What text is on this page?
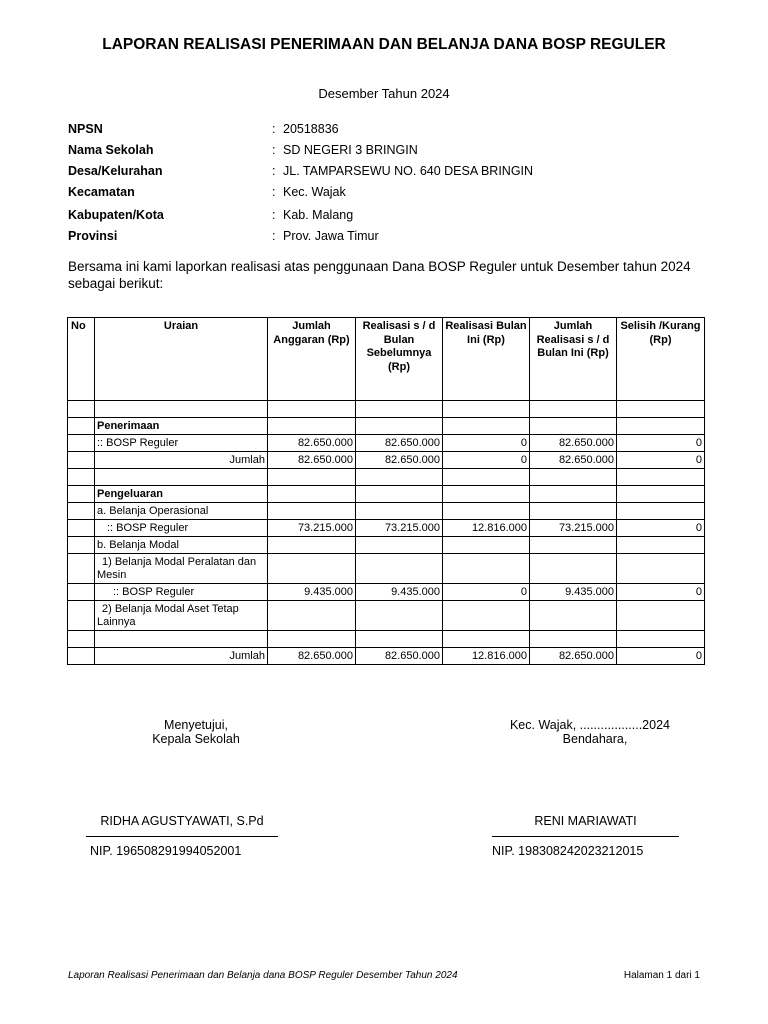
LAPORAN REALISASI PENERIMAAN DAN BELANJA DANA BOSP REGULER
Desember Tahun 2024
NPSN	: 20518836
Nama Sekolah	: SD NEGERI 3 BRINGIN
Desa/Kelurahan	: JL. TAMPARSEWU NO. 640 DESA BRINGIN
Kecamatan	: Kec. Wajak
Kabupaten/Kota	: Kab. Malang
Provinsi	: Prov. Jawa Timur
Bersama ini kami laporkan realisasi atas penggunaan Dana BOSP Reguler untuk Desember tahun 2024 sebagai berikut:
No	Uraian	Jumlah Anggaran (Rp)	Realisasi s / d Bulan Sebelumnya (Rp)	Realisasi Bulan Ini (Rp)	Jumlah Realisasi s / d Bulan Ini (Rp)	Selisih /Kurang (Rp)

	Penerimaan					
	:: BOSP Reguler	82.650.000	82.650.000	0	82.650.000	0
	Jumlah	82.650.000	82.650.000	0	82.650.000	0

	Pengeluaran					
	a. Belanja Operasional					
	:: BOSP Reguler	73.215.000	73.215.000	12.816.000	73.215.000	0
	b. Belanja Modal					
	1) Belanja Modal Peralatan dan Mesin					
	:: BOSP Reguler	9.435.000	9.435.000	0	9.435.000	0
	2) Belanja Modal Aset Tetap Lainnya					

	Jumlah	82.650.000	82.650.000	12.816.000	82.650.000	0
Menyetujui,
Kepala Sekolah
Kec. Wajak, ..................2024
Bendahara,
RIDHA AGUSTYAWATI, S.Pd	RENI MARIAWATI
NIP. 196508291994052001	NIP. 198308242023212015
Laporan Realisasi Penerimaan dan Belanja dana BOSP Reguler Desember Tahun 2024	Halaman 1 dari 1
